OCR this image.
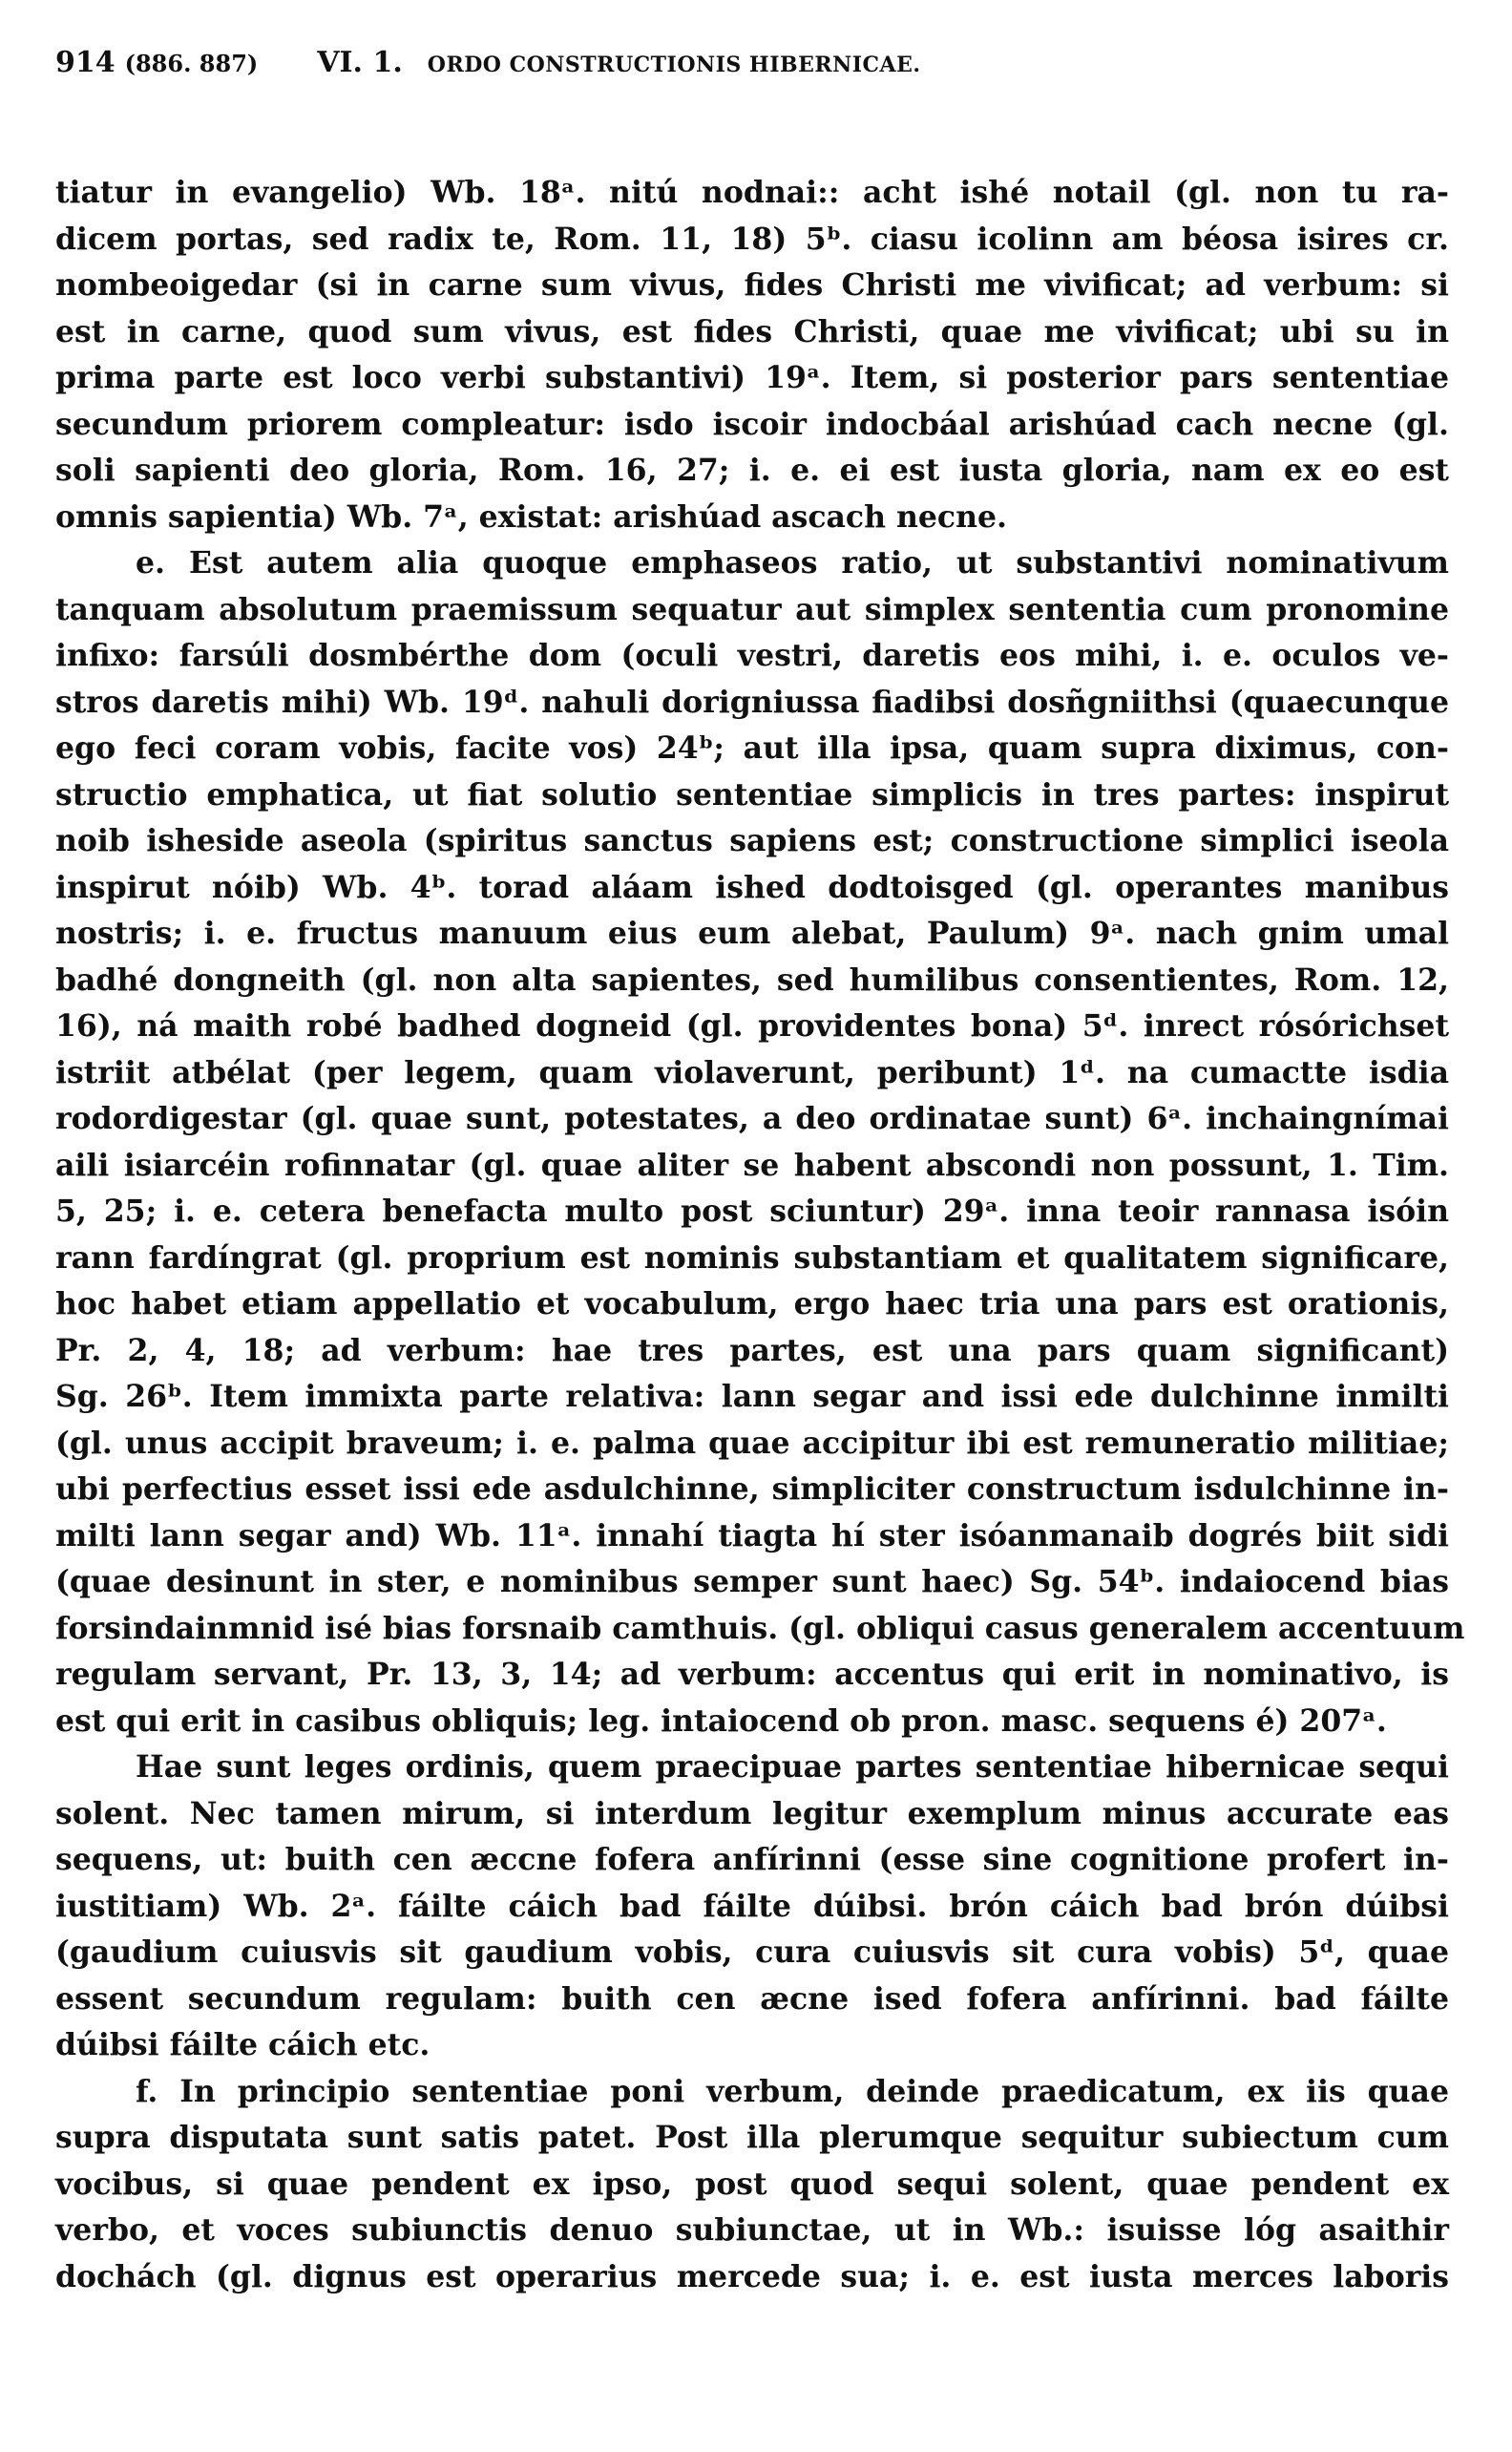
914 (886. 887) VI. 1. ORDO CONSTRUCTIONIS HIBERNICAE.
tiatur in evangelio) Wb. 18ᵃ. nitú nodnai:: acht ishé notail (gl. non tu ra-
dicem portas, sed radix te, Rom. 11, 18) 5ᵇ. ciasu icolinn am béosa isires cr.
nombeoigedar (si in carne sum vivus, fides Christi me vivificat; ad verbum: si
est in carne, quod sum vivus, est fides Christi, quae me vivificat; ubi su in
prima parte est loco verbi substantivi) 19ᵃ. Item, si posterior pars sententiae
secundum priorem compleatur: isdo iscoir indocbáal arishúad cach necne (gl.
soli sapienti deo gloria, Rom. 16, 27; i. e. ei est iusta gloria, nam ex eo est
omnis sapientia) Wb. 7ᵃ, existat: arishúad ascach necne.
e. Est autem alia quoque emphaseos ratio, ut substantivi nominativum
tanquam absolutum praemissum sequatur aut simplex sententia cum pronomine
infixo: farsúli dosmbérthe dom (oculi vestri, daretis eos mihi, i. e. oculos ve-
stros daretis mihi) Wb. 19ᵈ. nahuli dorigniussa fiadibsi dosñgniithsi (quaecunque
ego feci coram vobis, facite vos) 24ᵇ; aut illa ipsa, quam supra diximus, con-
structio emphatica, ut fiat solutio sententiae simplicis in tres partes: inspirut
noib isheside aseola (spiritus sanctus sapiens est; constructione simplici iseola
inspirut nóib) Wb. 4ᵇ. torad aláam ished dodtoisged (gl. operantes manibus
nostris; i. e. fructus manuum eius eum alebat, Paulum) 9ᵃ. nach gnim umal
badhé dongneith (gl. non alta sapientes, sed humilibus consentientes, Rom. 12,
16), ná maith robé badhed dogneid (gl. providentes bona) 5ᵈ. inrect rósórichset
istriit atbélat (per legem, quam violaverunt, peribunt) 1ᵈ. na cumactte isdia
rodordigestar (gl. quae sunt, potestates, a deo ordinatae sunt) 6ᵃ. inchaingnímai
aili isiarcéin rofinnatar (gl. quae aliter se habent abscondi non possunt, 1. Tim.
5, 25; i. e. cetera benefacta multo post sciuntur) 29ᵃ. inna teoir rannasa isóin
rann fardíngrat (gl. proprium est nominis substantiam et qualitatem significare,
hoc habet etiam appellatio et vocabulum, ergo haec tria una pars est orationis,
Pr. 2, 4, 18; ad verbum: hae tres partes, est una pars quam significant)
Sg. 26ᵇ. Item immixta parte relativa: lann segar and issi ede dulchinne inmilti
(gl. unus accipit braveum; i. e. palma quae accipitur ibi est remuneratio militiae;
ubi perfectius esset issi ede asdulchinne, simpliciter constructum isdulchinne in-
milti lann segar and) Wb. 11ᵃ. innahí tiagta hí ster isóanmanaib dogrés biit sidi
(quae desinunt in ster, e nominibus semper sunt haec) Sg. 54ᵇ. indaiocend bias
forsindainmnid isé bias forsnaib camthuis. (gl. obliqui casus generalem accentuum
regulam servant, Pr. 13, 3, 14; ad verbum: accentus qui erit in nominativo, is
est qui erit in casibus obliquis; leg. intaiocend ob pron. masc. sequens é) 207ᵃ.
Hae sunt leges ordinis, quem praecipuae partes sententiae hibernicae sequi
solent. Nec tamen mirum, si interdum legitur exemplum minus accurate eas
sequens, ut: buith cen æccne fofera anfírinni (esse sine cognitione profert in-
iustitiam) Wb. 2ᵃ. fáilte cáich bad fáilte dúibsi. brón cáich bad brón dúibsi
(gaudium cuiusvis sit gaudium vobis, cura cuiusvis sit cura vobis) 5ᵈ, quae
essent secundum regulam: buith cen æcne ised fofera anfírinni. bad fáilte
dúibsi fáilte cáich etc.
f. In principio sententiae poni verbum, deinde praedicatum, ex iis quae
supra disputata sunt satis patet. Post illa plerumque sequitur subiectum cum
vocibus, si quae pendent ex ipso, post quod sequi solent, quae pendent ex
verbo, et voces subiunctis denuo subiunctae, ut in Wb.: isuisse lóg asaithir
dochách (gl. dignus est operarius mercede sua; i. e. est iusta merces laboris
